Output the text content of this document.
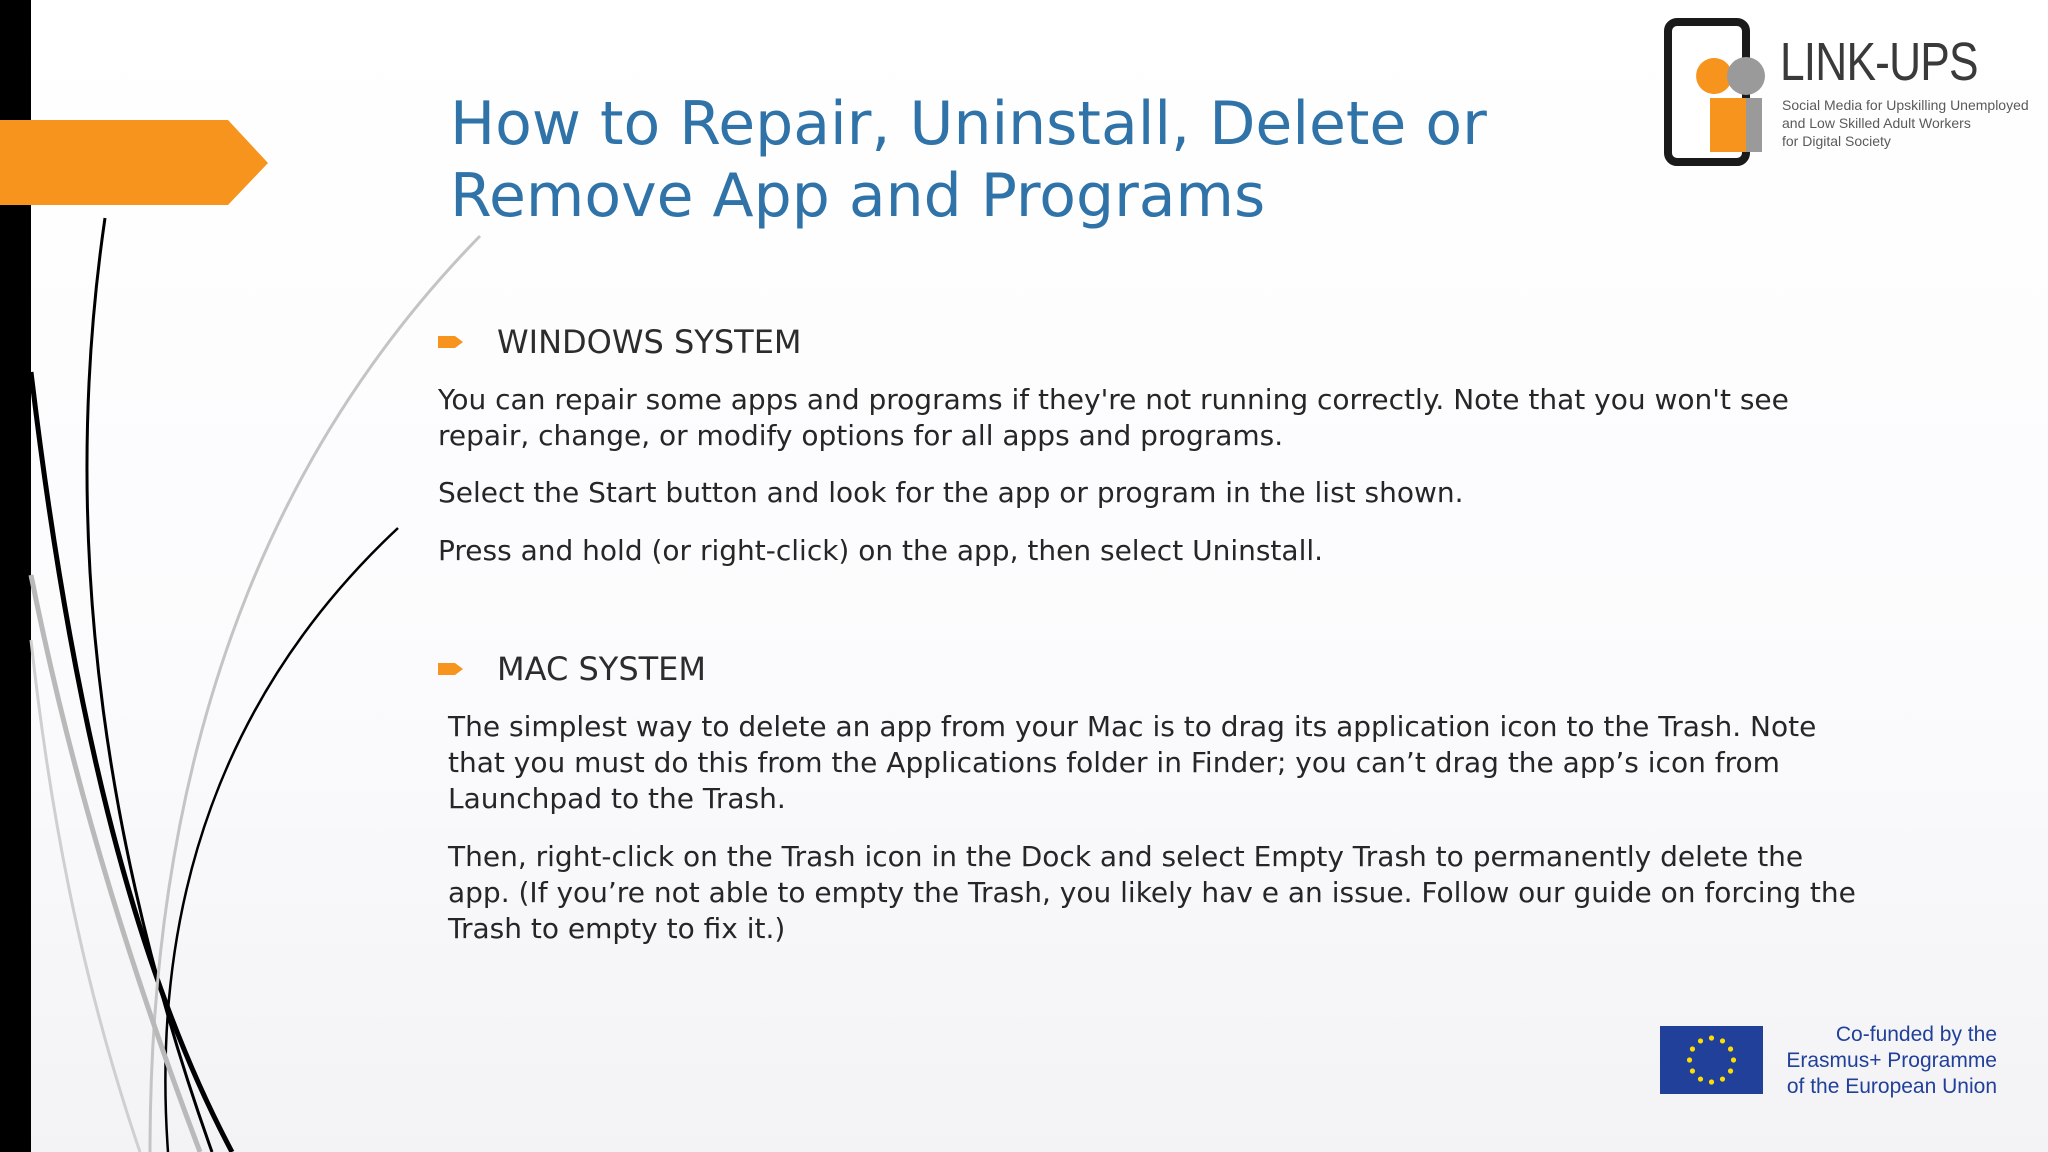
How to Repair, Uninstall, Delete or
Remove App and Programs
WINDOWS SYSTEM

You can repair some apps and programs if they're not running correctly. Note that you won't see repair, change, or modify options for all apps and programs.

Select the Start button and look for the app or program in the list shown.

Press and hold (or right-click) on the app, then select Uninstall.

MAC SYSTEM

The simplest way to delete an app from your Mac is to drag its application icon to the Trash. Note that you must do this from the Applications folder in Finder; you can’t drag the app’s icon from Launchpad to the Trash.

Then, right-click on the Trash icon in the Dock and select Empty Trash to permanently delete the app. (If you’re not able to empty the Trash, you likely hav e an issue. Follow our guide on forcing the Trash to empty to fix it.)

LINK-UPS
Social Media for Upskilling Unemployed
and Low Skilled Adult Workers
for Digital Society
Co-funded by the
Erasmus+ Programme
of the European Union
